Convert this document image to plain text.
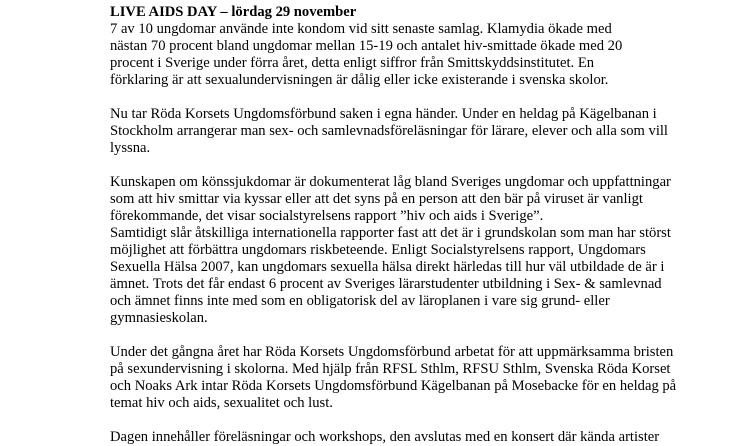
LIVE AIDS DAY – lördag 29 november

7 av 10 ungdomar använde inte kondom vid sitt senaste samlag. Klamydia ökade med

nästan 70 procent bland ungdomar mellan 15-19 och antalet hiv-smittade ökade med 20

procent i Sverige under förra året, detta enligt siffror från Smittskyddsinstitutet. En

förklaring är att sexualundervisningen är dålig eller icke existerande i svenska skolor.

Nu tar Röda Korsets Ungdomsförbund saken i egna händer. Under en heldag på Kägelbanan i

Stockholm arrangerar man sex- och samlevnadsföreläsningar för lärare, elever och alla som vill

lyssna.

Kunskapen om könssjukdomar är dokumenterat låg bland Sveriges ungdomar och uppfattningar

som att hiv smittar via kyssar eller att det syns på en person att den bär på viruset är vanligt

förekommande, det visar socialstyrelsens rapport ”hiv och aids i Sverige”.

Samtidigt slår åtskilliga internationella rapporter fast att det är i grundskolan som man har störst

möjlighet att förbättra ungdomars riskbeteende. Enligt Socialstyrelsens rapport, Ungdomars

Sexuella Hälsa 2007, kan ungdomars sexuella hälsa direkt härledas till hur väl utbildade de är i

ämnet. Trots det får endast 6 procent av Sveriges lärarstudenter utbildning i Sex- & samlevnad

och ämnet finns inte med som en obligatorisk del av läroplanen i vare sig grund- eller

gymnasieskolan.

Under det gångna året har Röda Korsets Ungdomsförbund arbetat för att uppmärksamma bristen

på sexundervisning i skolorna. Med hjälp från RFSL Sthlm, RFSU Sthlm, Svenska Röda Korset

och Noaks Ark intar Röda Korsets Ungdomsförbund Kägelbanan på Mosebacke för en heldag på

temat hiv och aids, sexualitet och lust.

Dagen innehåller föreläsningar och workshops, den avslutas med en konsert där kända artister
